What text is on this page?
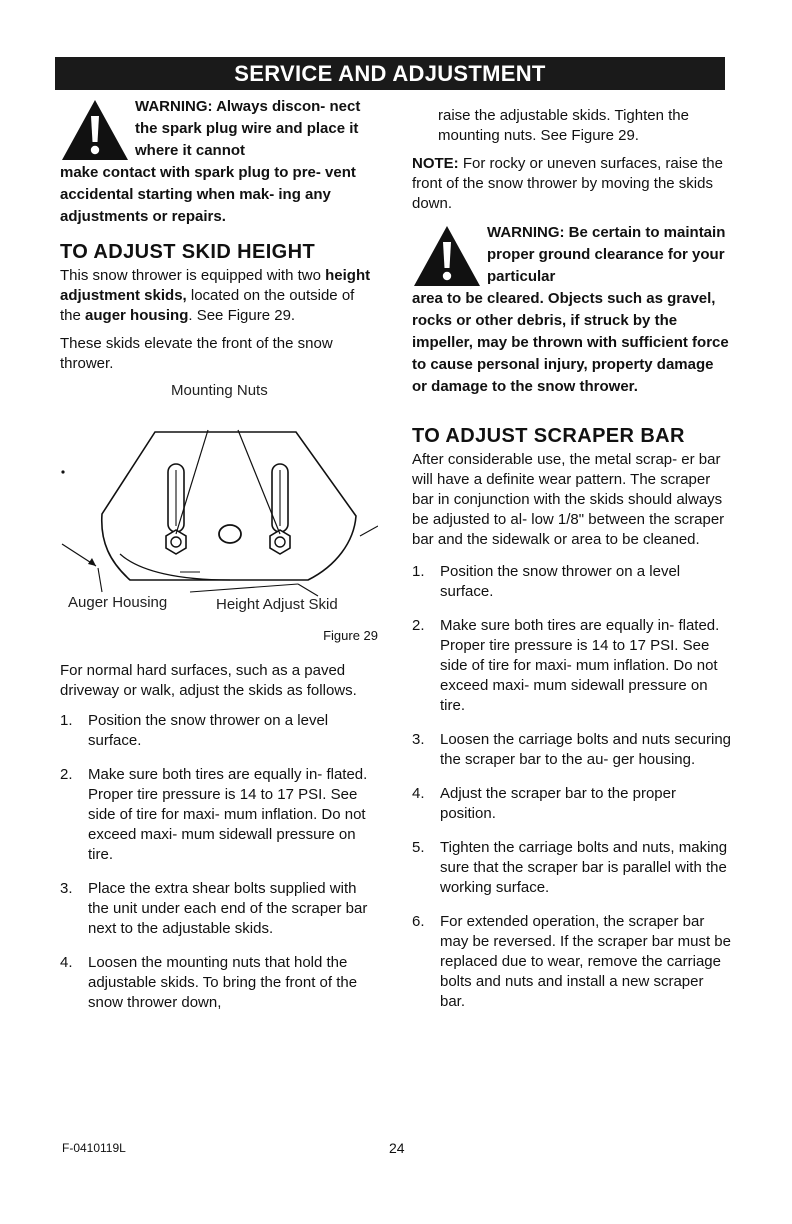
SERVICE AND ADJUSTMENT
WARNING: Always discon- nect the spark plug wire and place it where it cannot
make contact with spark plug to pre- vent accidental starting when mak- ing any adjustments or repairs.
TO ADJUST SKID HEIGHT

This snow thrower is equipped with two height adjustment skids, located on the outside of the auger housing. See Figure 29.

These skids elevate the front of the snow thrower.

Mounting Nuts
Auger Housing	Height Adjust Skid
Figure 29

For normal hard surfaces, such as a paved driveway or walk, adjust the skids as follows.

1. Position the snow thrower on a level surface.
2. Make sure both tires are equally in- flated. Proper tire pressure is 14 to 17 PSI. See side of tire for maxi- mum inflation. Do not exceed maxi- mum sidewall pressure on tire.
3. Place the extra shear bolts supplied with the unit under each end of the scraper bar next to the adjustable skids.
4. Loosen the mounting nuts that hold the adjustable skids. To bring the front of the snow thrower down,

raise the adjustable skids. Tighten the mounting nuts. See Figure 29.

NOTE: For rocky or uneven surfaces, raise the front of the snow thrower by moving the skids down.

WARNING: Be certain to maintain proper ground clearance for your particular
area to be cleared. Objects such as gravel, rocks or other debris, if struck by the impeller, may be thrown with sufficient force to cause personal injury, property damage or damage to the snow thrower.
TO ADJUST SCRAPER BAR

After considerable use, the metal scrap- er bar will have a definite wear pattern. The scraper bar in conjunction with the skids should always be adjusted to al- low 1/8" between the scraper bar and the sidewalk or area to be cleaned.

1. Position the snow thrower on a level surface.
2. Make sure both tires are equally in- flated. Proper tire pressure is 14 to 17 PSI. See side of tire for maxi- mum inflation. Do not exceed maxi- mum sidewall pressure on tire.
3. Loosen the carriage bolts and nuts securing the scraper bar to the au- ger housing.
4. Adjust the scraper bar to the proper position.
5. Tighten the carriage bolts and nuts, making sure that the scraper bar is parallel with the working surface.
6. For extended operation, the scraper bar may be reversed. If the scraper bar must be replaced due to wear, remove the carriage bolts and nuts and install a new scraper bar.
F-0410119L	24
